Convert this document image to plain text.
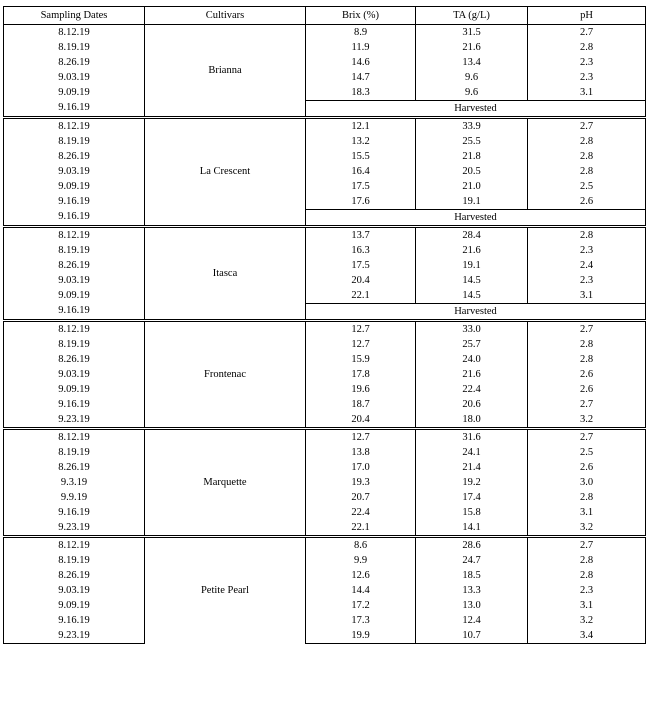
Sampling Dates	Cultivars	Brix (%)	TA (g/L)	pH
8.12.19	Brianna	8.9	31.5	2.7
8.19.19		11.9	21.6	2.8
8.26.19		14.6	13.4	2.3
9.03.19		14.7	9.6	2.3
9.09.19		18.3	9.6	3.1
9.16.19		Harvested		
8.12.19	La Crescent	12.1	33.9	2.7
8.19.19		13.2	25.5	2.8
8.26.19		15.5	21.8	2.8
9.03.19		16.4	20.5	2.8
9.09.19		17.5	21.0	2.5
9.16.19		17.6	19.1	2.6
9.16.19		Harvested		
8.12.19	Itasca	13.7	28.4	2.8
8.19.19		16.3	21.6	2.3
8.26.19		17.5	19.1	2.4
9.03.19		20.4	14.5	2.3
9.09.19		22.1	14.5	3.1
9.16.19		Harvested		
8.12.19	Frontenac	12.7	33.0	2.7
8.19.19		12.7	25.7	2.8
8.26.19		15.9	24.0	2.8
9.03.19		17.8	21.6	2.6
9.09.19		19.6	22.4	2.6
9.16.19		18.7	20.6	2.7
9.23.19		20.4	18.0	3.2
8.12.19	Marquette	12.7	31.6	2.7
8.19.19		13.8	24.1	2.5
8.26.19		17.0	21.4	2.6
9.3.19		19.3	19.2	3.0
9.9.19		20.7	17.4	2.8
9.16.19		22.4	15.8	3.1
9.23.19		22.1	14.1	3.2
8.12.19	Petite Pearl	8.6	28.6	2.7
8.19.19		9.9	24.7	2.8
8.26.19		12.6	18.5	2.8
9.03.19		14.4	13.3	2.3
9.09.19		17.2	13.0	3.1
9.16.19		17.3	12.4	3.2
9.23.19		19.9	10.7	3.4
